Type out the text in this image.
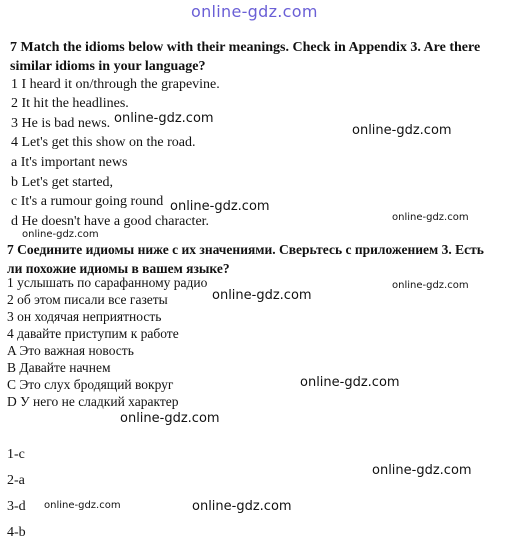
online-gdz.com
7 Match the idioms below with their meanings. Check in Appendix 3. Are there similar idioms in your language?
1 I heard it on/through the grapevine.
2 It hit the headlines.
3 He is bad news.
4 Let's get this show on the road.
a It's important news
b Let's get started,
c It's a rumour going round
d He doesn't have a good character.
7 Соедините идиомы ниже с их значениями. Сверьтесь с приложением 3. Есть ли похожие идиомы в вашем языке?
1 услышать по сарафанному радио
2 об этом писали все газеты
3 он ходячая неприятность
4 давайте приступим к работе
A Это важная новость
B Давайте начнем
C Это слух бродящий вокруг
D У него не сладкий характер
1-c
2-a
3-d
4-b
online-gdz.com
online-gdz.com
online-gdz.com
online-gdz.com
online-gdz.com
online-gdz.com
online-gdz.com
online-gdz.com
online-gdz.com
online-gdz.com
online-gdz.com	online-gdz.com
online-gdz.com
